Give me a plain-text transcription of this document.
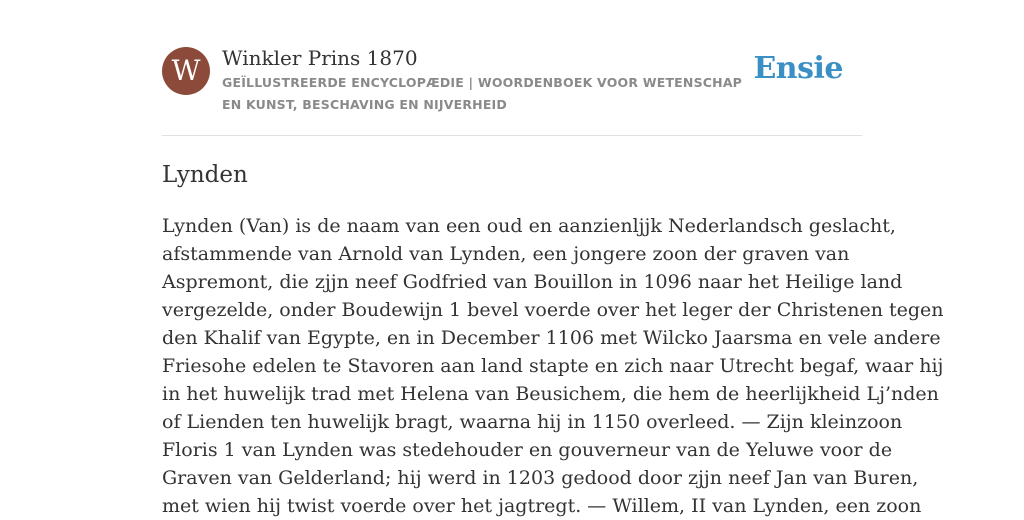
W	Winkler Prins 1870
GEÏLLUSTREERDE ENCYCLOPÆDIE | WOORDENBOEK VOOR WETENSCHAP EN KUNST, BESCHAVING EN NIJVERHEID
Ensie
Lynden
Lynden (Van) is de naam van een oud en aanzienljjk Nederlandsch geslacht,
afstammende van Arnold van Lynden, een jongere zoon der graven van
Aspremont, die zjjn neef Godfried van Bouillon in 1096 naar het Heilige land
vergezelde, onder Boudewijn 1 bevel voerde over het leger der Christenen tegen
den Khalif van Egypte, en in December 1106 met Wilcko Jaarsma en vele andere
Friesohe edelen te Stavoren aan land stapte en zich naar Utrecht begaf, waar hij
in het huwelijk trad met Helena van Beusichem, die hem de heerlijkheid Lj’nden
of Lienden ten huwelijk bragt, waarna hij in 1150 overleed. — Zijn kleinzoon
Floris 1 van Lynden was stedehouder en gouverneur van de Yeluwe voor de
Graven van Gelderland; hij werd in 1203 gedood door zjjn neef Jan van Buren,
met wien hij twist voerde over het jagtregt. — Willem, II van Lynden, een zoon
